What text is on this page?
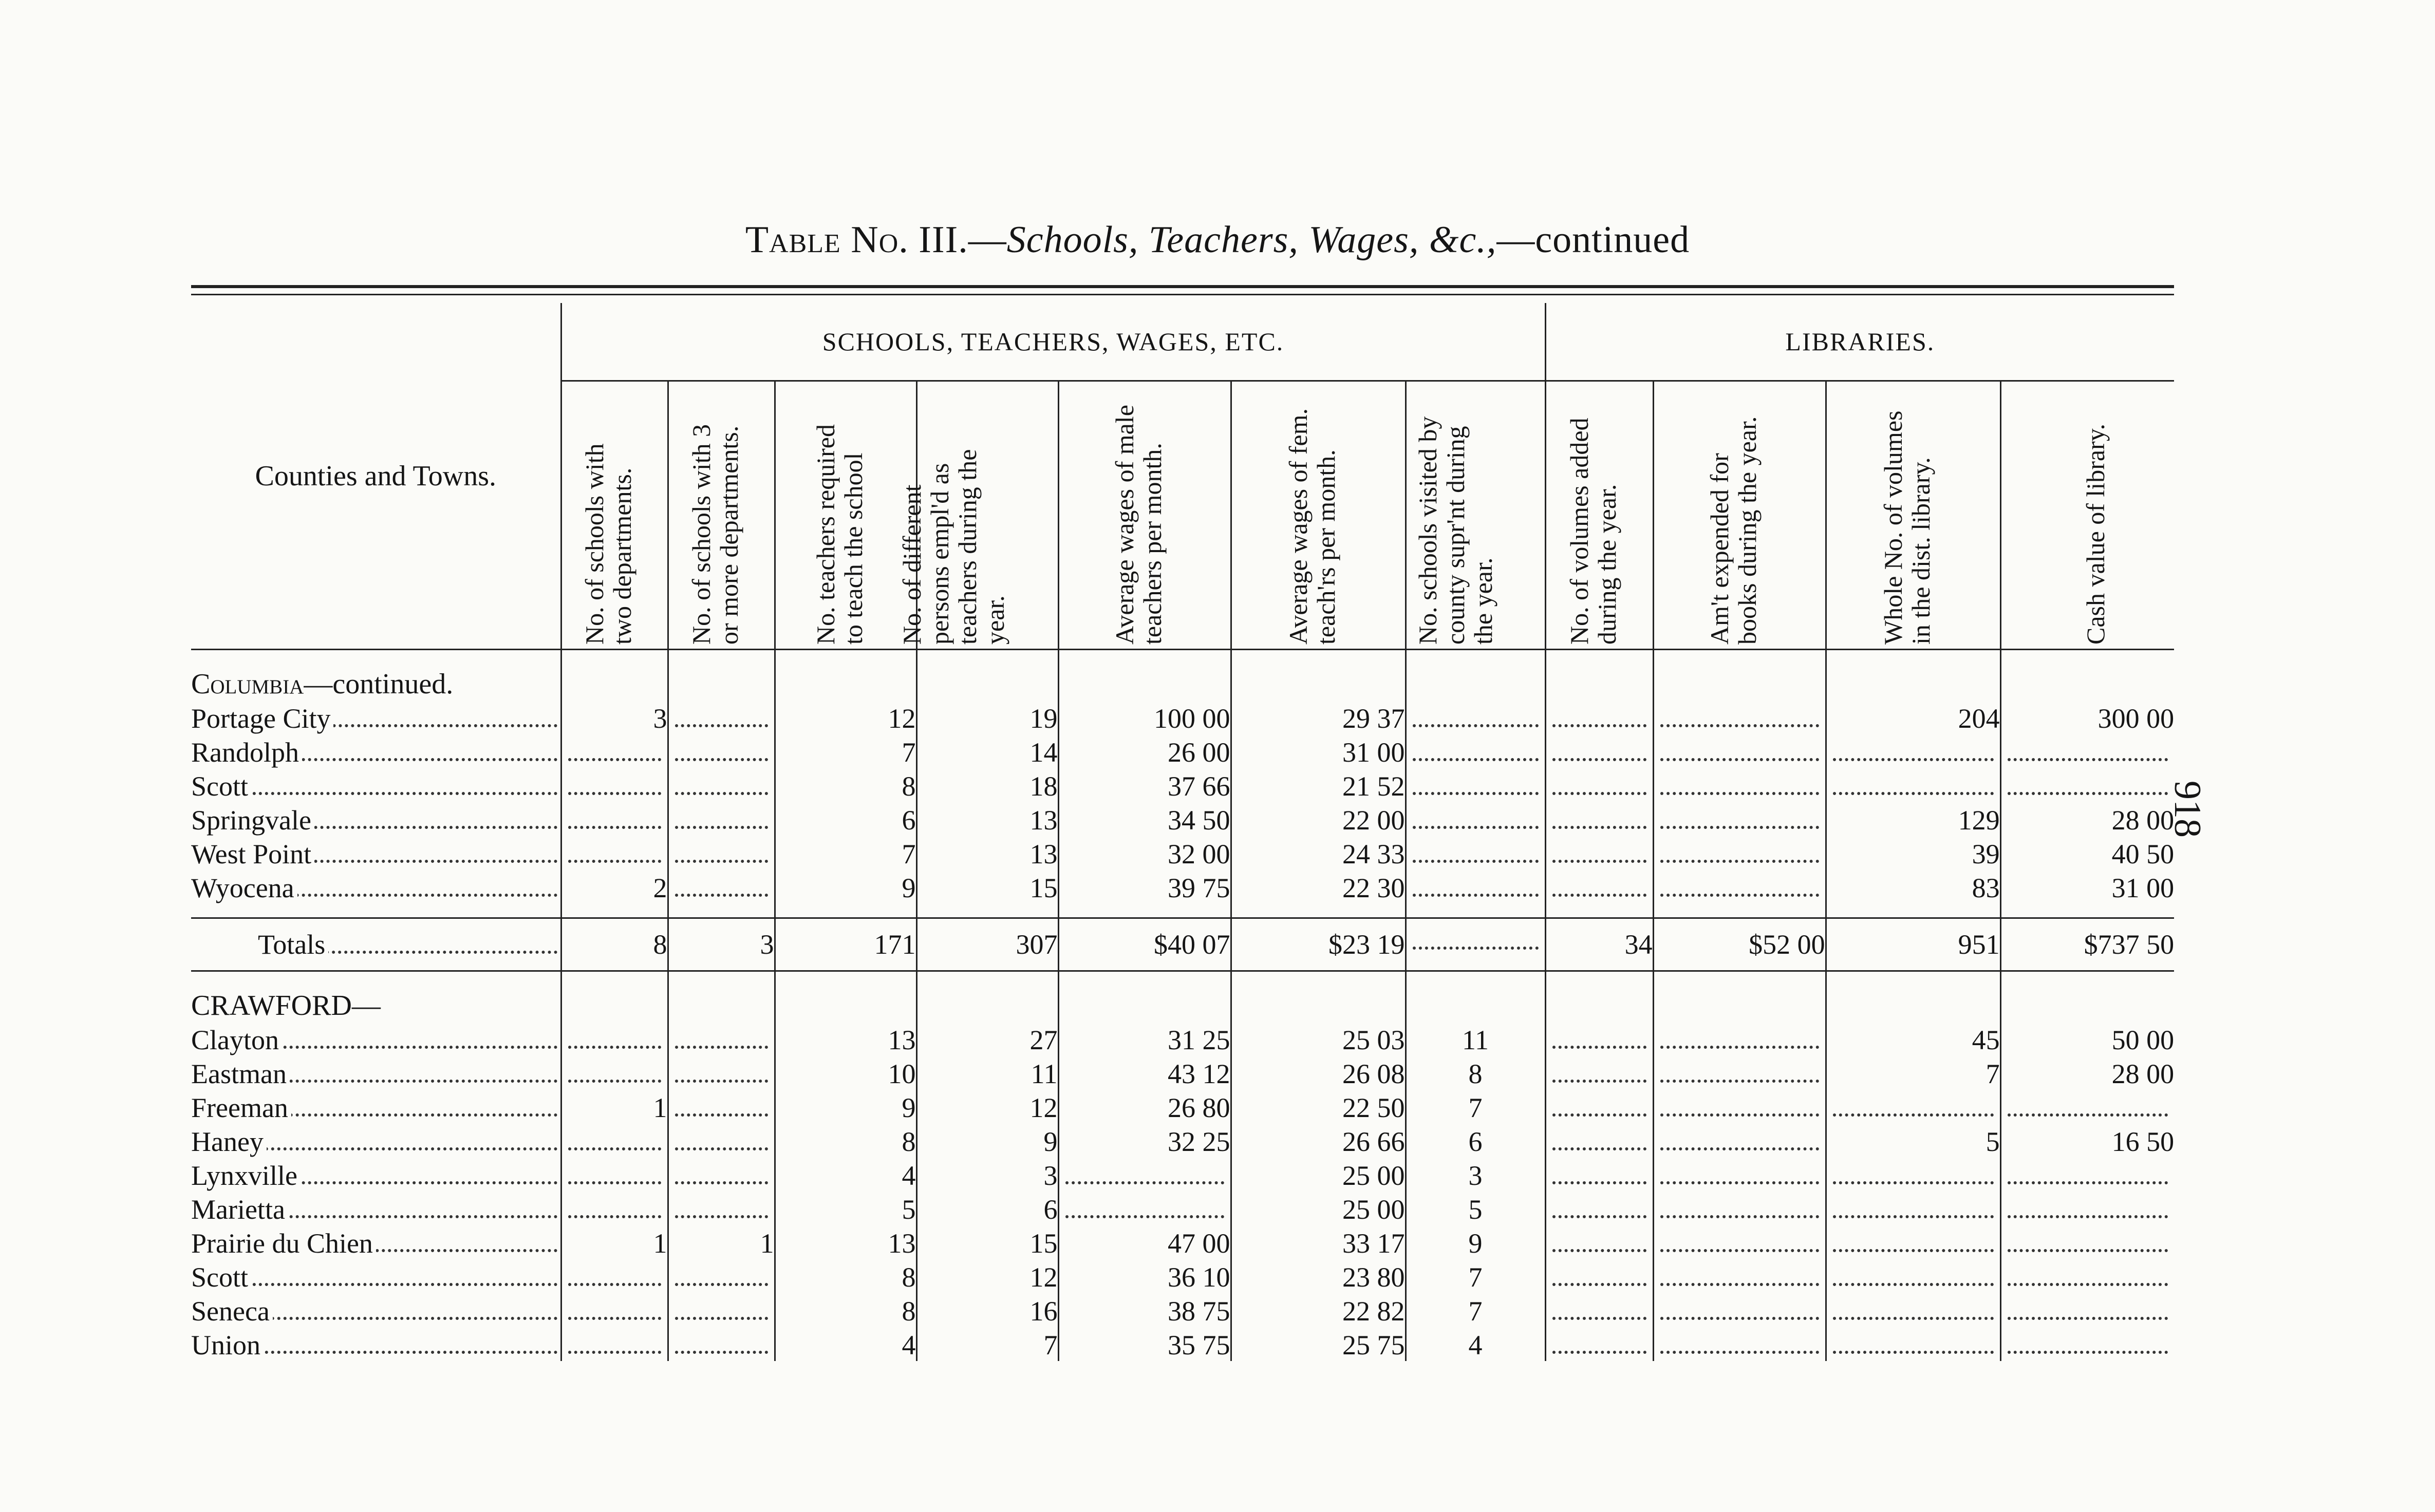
Table No. III.—Schools, Teachers, Wages, &c.,—continued
918
Counties and Towns.	SCHOOLS, TEACHERS, WAGES, ETC.							LIBRARIES.			

	No. of schools with two departments.	No. of schools with 3 or more departments.	No. teachers required to teach the school	No. of different persons empl'd as teachers during the year.	Average wages of male teachers per month.	Average wages of fem. teach'rs per month.	No. schools visited by county supr'nt during the year.	No. of volumes added during the year.	Am't expended for books during the year.	Whole No. of volumes in the dist. library.	Cash value of library.

Columbia—continued.											

Portage City	3		12	19	100 00	29 37				204	300 00

Randolph			7	14	26 00	31 00					

Scott			8	18	37 66	21 52					

Springvale			6	13	34 50	22 00				129	28 00

West Point			7	13	32 00	24 33				39	40 50

Wyocena	2		9	15	39 75	22 30				83	31 00

Totals	8	3	171	307	$40 07	$23 19		34	$52 00	951	$737 50

CRAWFORD—											

Clayton			13	27	31 25	25 03	11			45	50 00

Eastman			10	11	43 12	26 08	8			7	28 00

Freeman	1		9	12	26 80	22 50	7				

Haney			8	9	32 25	26 66	6			5	16 50

Lynxville			4	3		25 00	3				

Marietta			5	6		25 00	5				

Prairie du Chien	1	1	13	15	47 00	33 17	9				

Scott			8	12	36 10	23 80	7				

Seneca			8	16	38 75	22 82	7				

Union			4	7	35 75	25 75	4				
